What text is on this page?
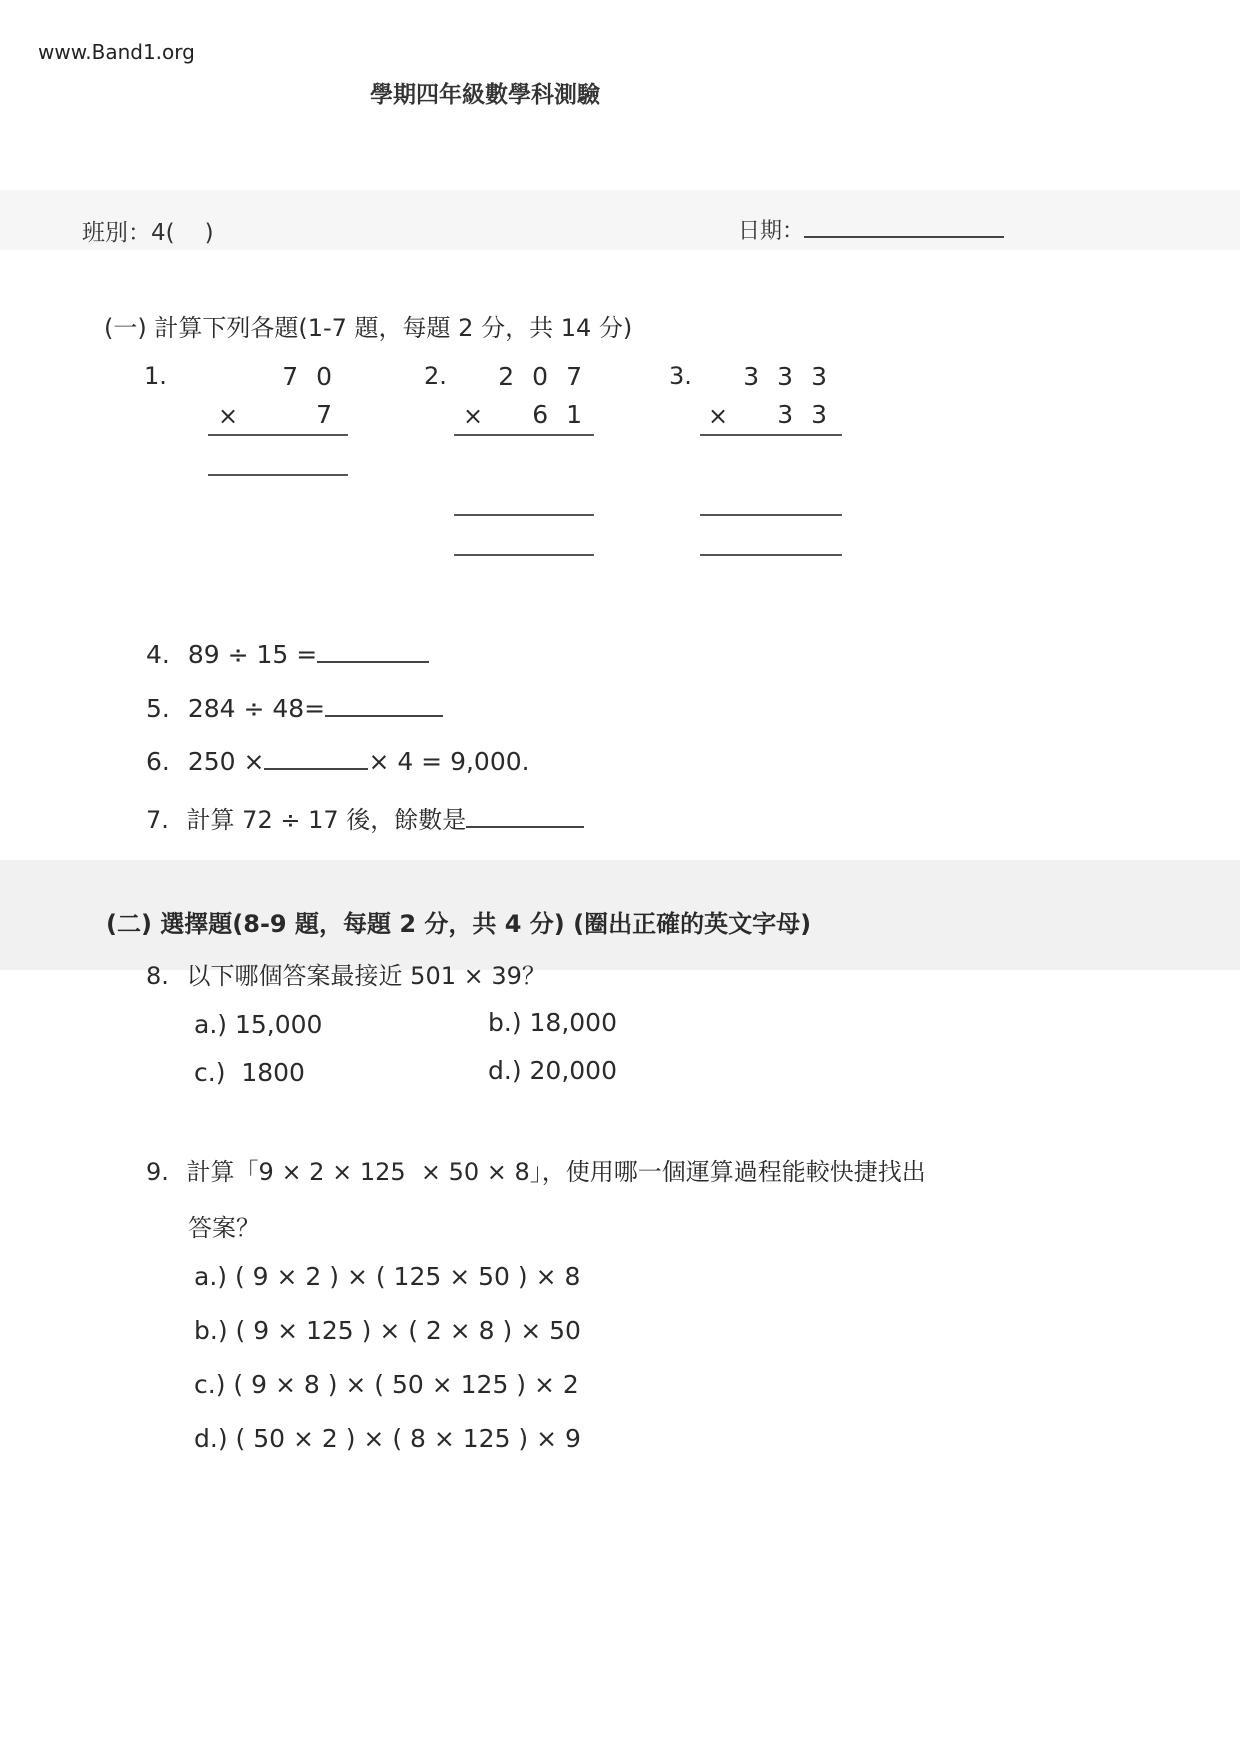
www.Band1.org
學期四年級數學科測驗
班別：4( )	日期：
(一) 計算下列各題(1-7 題，每題 2 分，共 14 分)
1.	70
×	7
2. 207
× 61
3. 333
× 33
4. 89 ÷ 15 =
5. 284 ÷ 48=
6. 250 ×	× 4 = 9,000.
7. 計算 72 ÷ 17 後，餘數是
(二) 選擇題(8-9 題，每題 2 分，共 4 分) (圈出正確的英文字母)
8. 以下哪個答案最接近 501 × 39？
a.) 15,000	b.) 18,000
c.)  1800	d.) 20,000
9. 計算「9 × 2 × 125  × 50 × 8」，使用哪一個運算過程能較快捷找出
答案？
a.) ( 9 × 2 ) × ( 125 × 50 ) × 8
b.) ( 9 × 125 ) × ( 2 × 8 ) × 50
c.) ( 9 × 8 ) × ( 50 × 125 ) × 2
d.) ( 50 × 2 ) × ( 8 × 125 ) × 9
